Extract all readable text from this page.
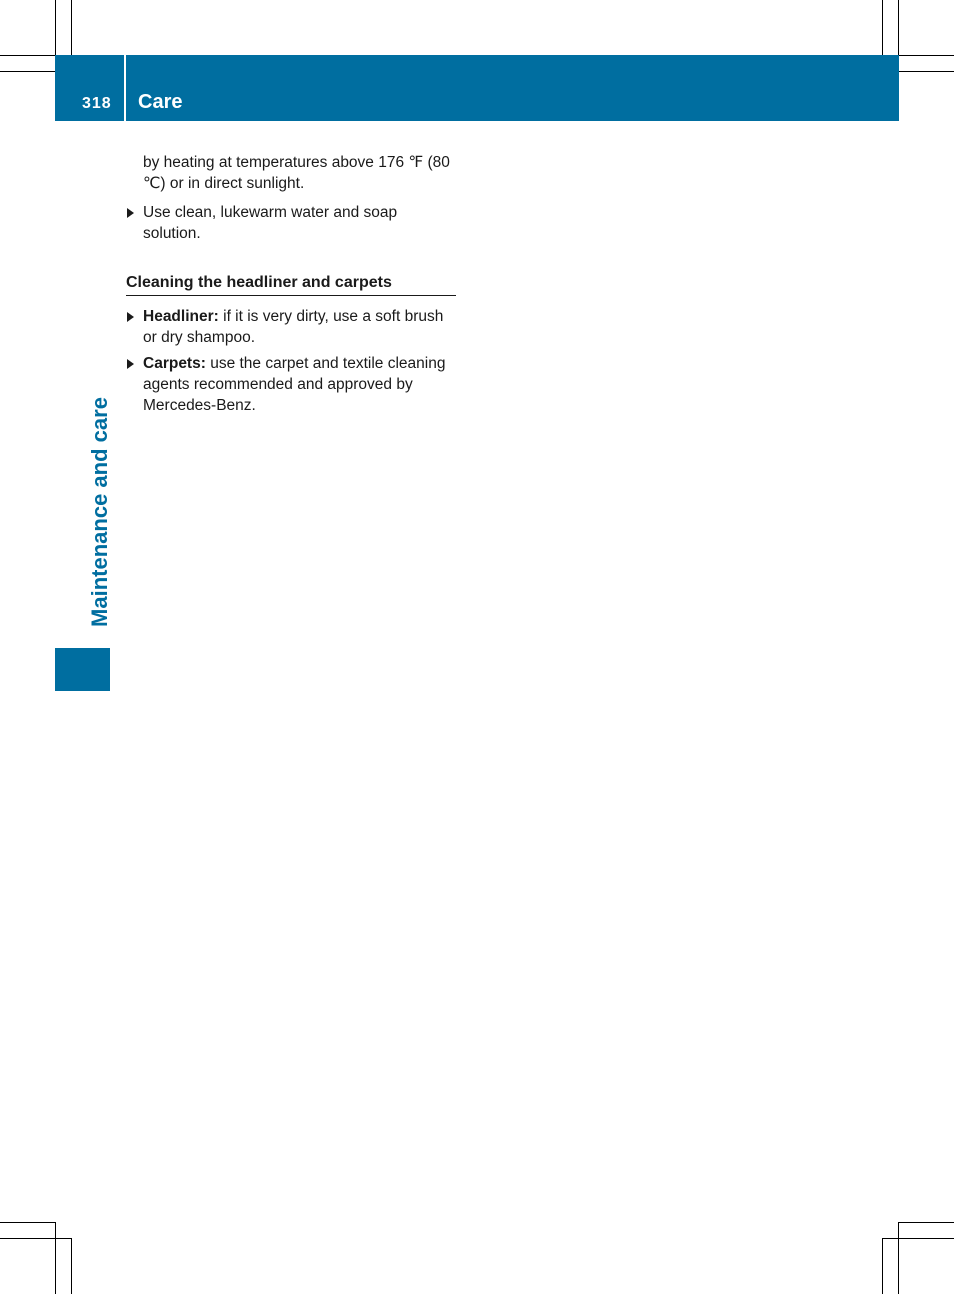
318 Care
Maintenance and care

by heating at temperatures above 176 ℉ (80 ℃) or in direct sunlight.

Use clean, lukewarm water and soap solution.
Cleaning the headliner and carpets
Headliner: if it is very dirty, use a soft brush or dry shampoo.
Carpets: use the carpet and textile cleaning agents recommended and approved by Mercedes-Benz.
